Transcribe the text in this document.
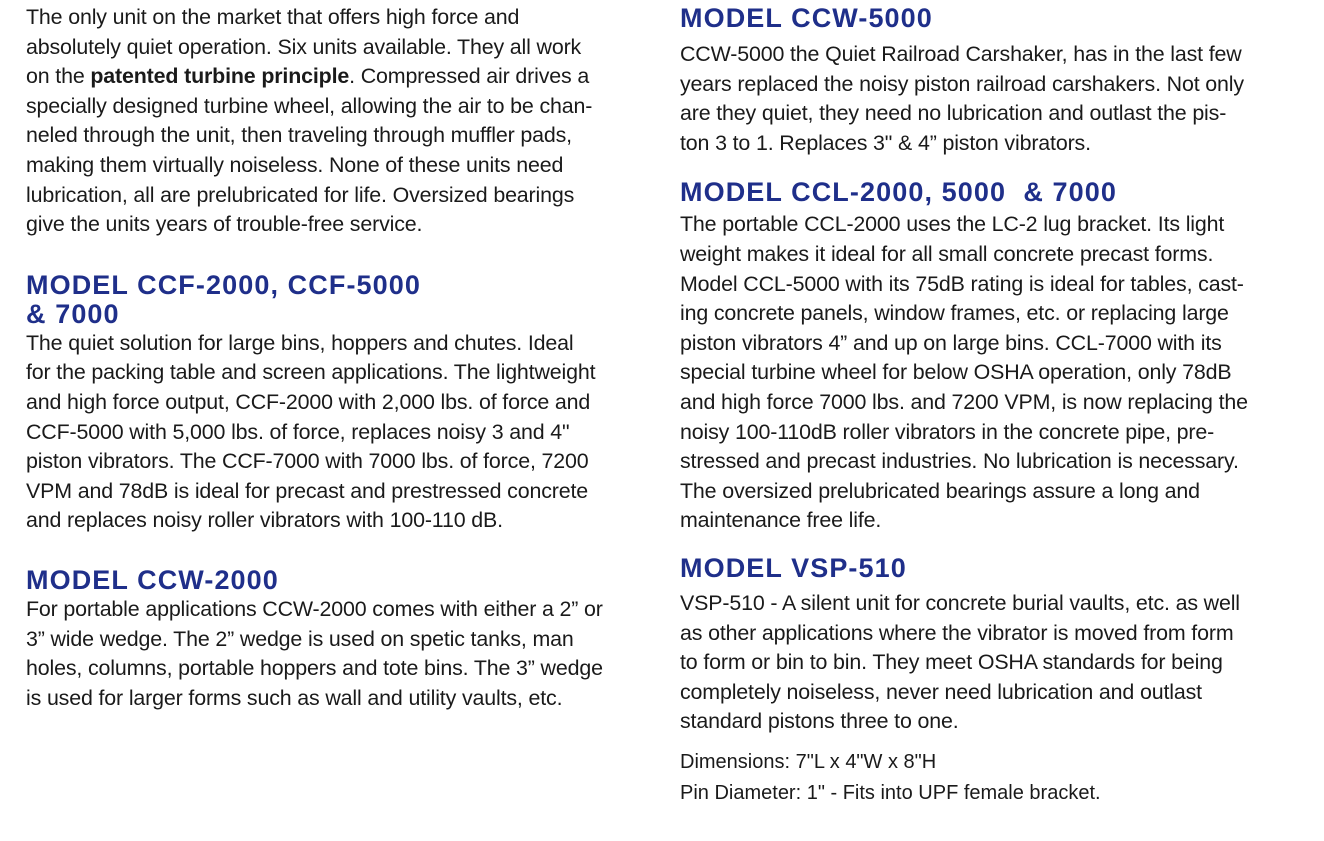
The only unit on the market that offers high force and
absolutely quiet operation. Six units available. They all work
on the patented turbine principle. Compressed air drives a
specially designed turbine wheel, allowing the air to be chan-
neled through the unit, then traveling through muffler pads,
making them virtually noiseless. None of these units need
lubrication, all are prelubricated for life. Oversized bearings
give the units years of trouble-free service.

MODEL CCF-2000, CCF-5000
& 7000

The quiet solution for large bins, hoppers and chutes. Ideal
for the packing table and screen applications. The lightweight
and high force output, CCF-2000 with 2,000 lbs. of force and
CCF-5000 with 5,000 lbs. of force, replaces noisy 3 and 4"
piston vibrators. The CCF-7000 with 7000 lbs. of force, 7200
VPM and 78dB is ideal for precast and prestressed concrete
and replaces noisy roller vibrators with 100-110 dB.

MODEL CCW-2000

For portable applications CCW-2000 comes with either a 2” or
3” wide wedge. The 2” wedge is used on spetic tanks, man
holes, columns, portable hoppers and tote bins. The 3” wedge
is used for larger forms such as wall and utility vaults, etc.

MODEL CCW-5000

CCW-5000 the Quiet Railroad Carshaker, has in the last few
years replaced the noisy piston railroad carshakers. Not only
are they quiet, they need no lubrication and outlast the pis-
ton 3 to 1. Replaces 3" & 4” piston vibrators.

MODEL CCL-2000, 5000  & 7000

The portable CCL-2000 uses the LC-2 lug bracket. Its light
weight makes it ideal for all small concrete precast forms.
Model CCL-5000 with its 75dB rating is ideal for tables, cast-
ing concrete panels, window frames, etc. or replacing large
piston vibrators 4” and up on large bins. CCL-7000 with its
special turbine wheel for below OSHA operation, only 78dB
and high force 7000 lbs. and 7200 VPM, is now replacing the
noisy 100-110dB roller vibrators in the concrete pipe, pre-
stressed and precast industries. No lubrication is necessary.
The oversized prelubricated bearings assure a long and
maintenance free life.

MODEL VSP-510

VSP-510 - A silent unit for concrete burial vaults, etc. as well
as other applications where the vibrator is moved from form
to form or bin to bin. They meet OSHA standards for being
completely noiseless, never need lubrication and outlast
standard pistons three to one.

Dimensions: 7"L x 4"W x 8"H

Pin Diameter: 1" - Fits into UPF female bracket.
